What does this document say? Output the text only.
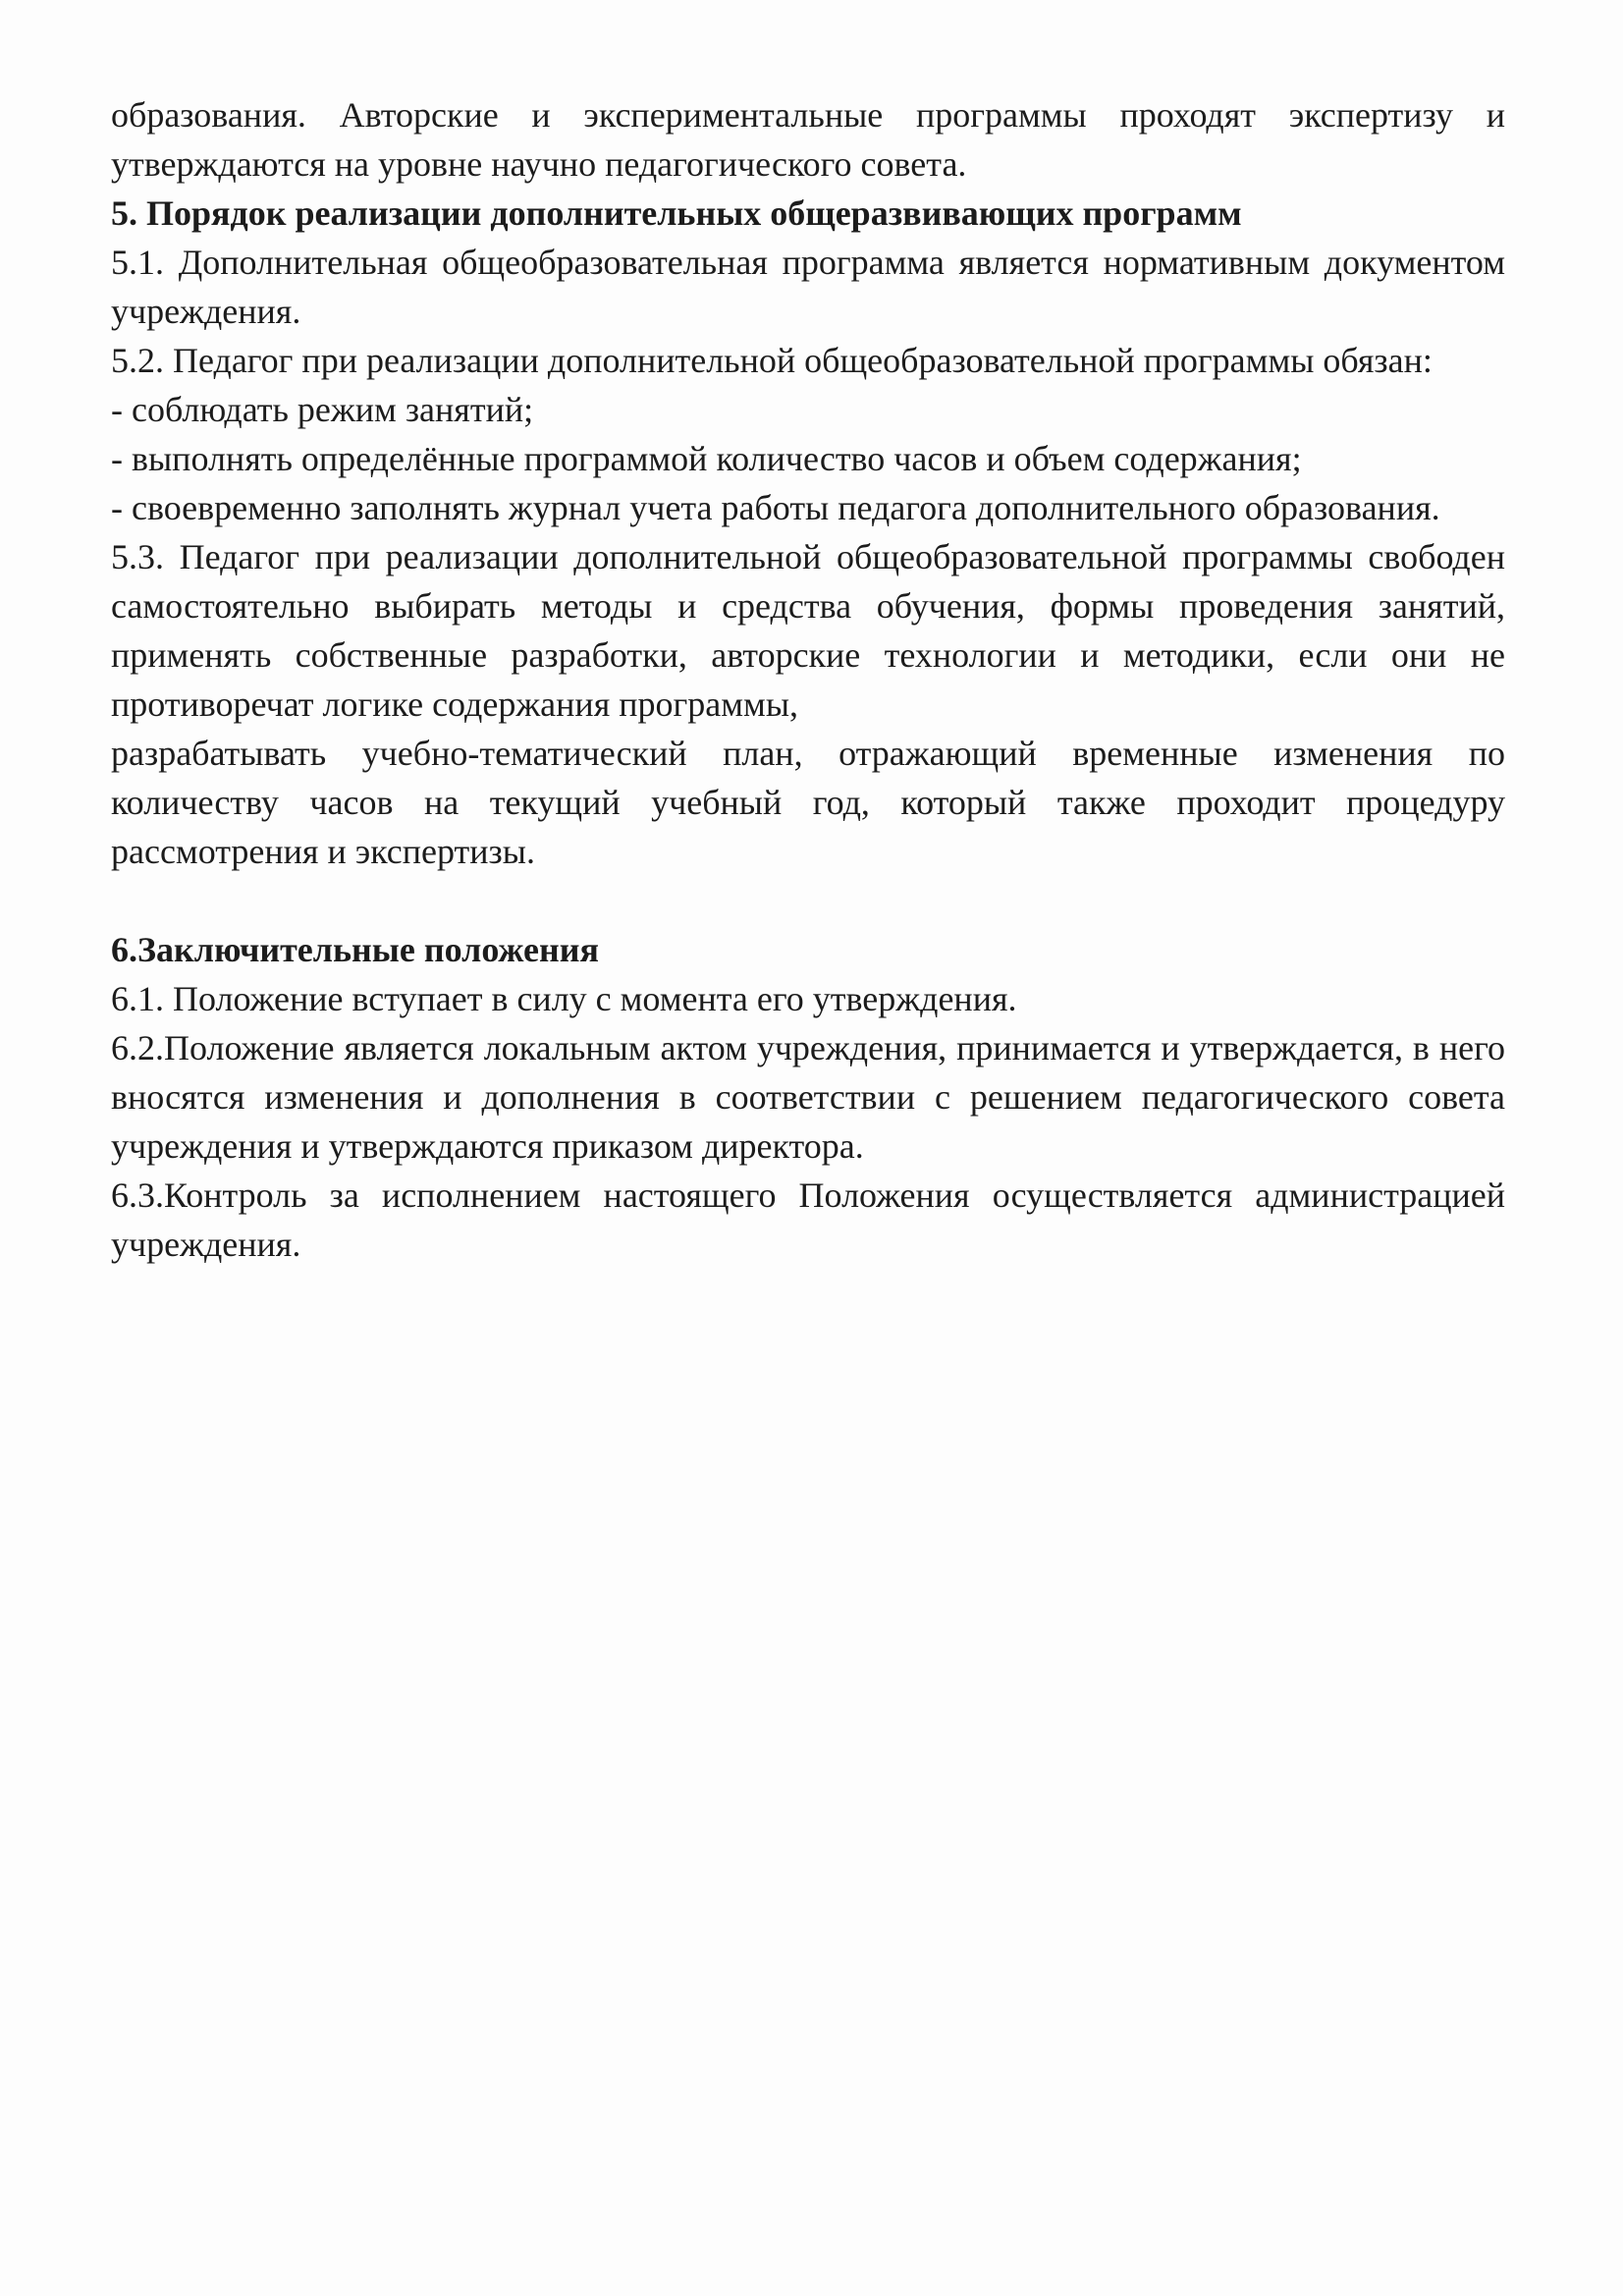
образования. Авторские и экспериментальные программы проходят экспертизу и утверждаются на уровне научно педагогического совета.

5. Порядок реализации дополнительных общеразвивающих программ

5.1. Дополнительная общеобразовательная программа является нормативным документом учреждения.

5.2. Педагог при реализации дополнительной общеобразовательной программы обязан:

- соблюдать режим занятий;

- выполнять определённые программой количество часов и объем содержания;

- своевременно заполнять журнал учета работы педагога дополнительного образования.

5.3. Педагог при реализации дополнительной общеобразовательной программы свободен самостоятельно выбирать методы и средства обучения, формы проведения занятий, применять собственные разработки, авторские технологии и методики, если они не противоречат логике содержания программы,

разрабатывать учебно-тематический план, отражающий временные изменения по количеству часов на текущий учебный год, который также проходит процедуру рассмотрения и экспертизы.

6.Заключительные положения

6.1. Положение вступает в силу с момента его утверждения.

6.2.Положение является локальным актом учреждения, принимается и утверждается, в него вносятся изменения и дополнения в соответствии с решением педагогического совета учреждения и утверждаются приказом директора.

6.3.Контроль за исполнением настоящего Положения осуществляется администрацией учреждения.
